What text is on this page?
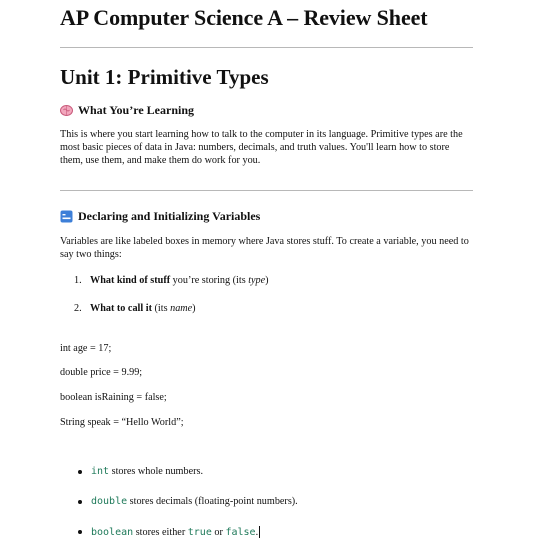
AP Computer Science A – Review Sheet
Unit 1: Primitive Types
What You’re Learning

This is where you start learning how to talk to the computer in its language. Primitive types are the most basic pieces of data in Java: numbers, decimals, and truth values. You'll learn how to store them, use them, and make them do work for you.

Declaring and Initializing Variables

Variables are like labeled boxes in memory where Java stores stuff. To create a variable, you need to say two things:

1. What kind of stuff you’re storing (its type)
2. What to call it (its name)
int age = 17;
double price = 9.99;
boolean isRaining = false;
String speak = “Hello World”;
int stores whole numbers.
double stores decimals (floating-point numbers).
boolean stores either true or false .
